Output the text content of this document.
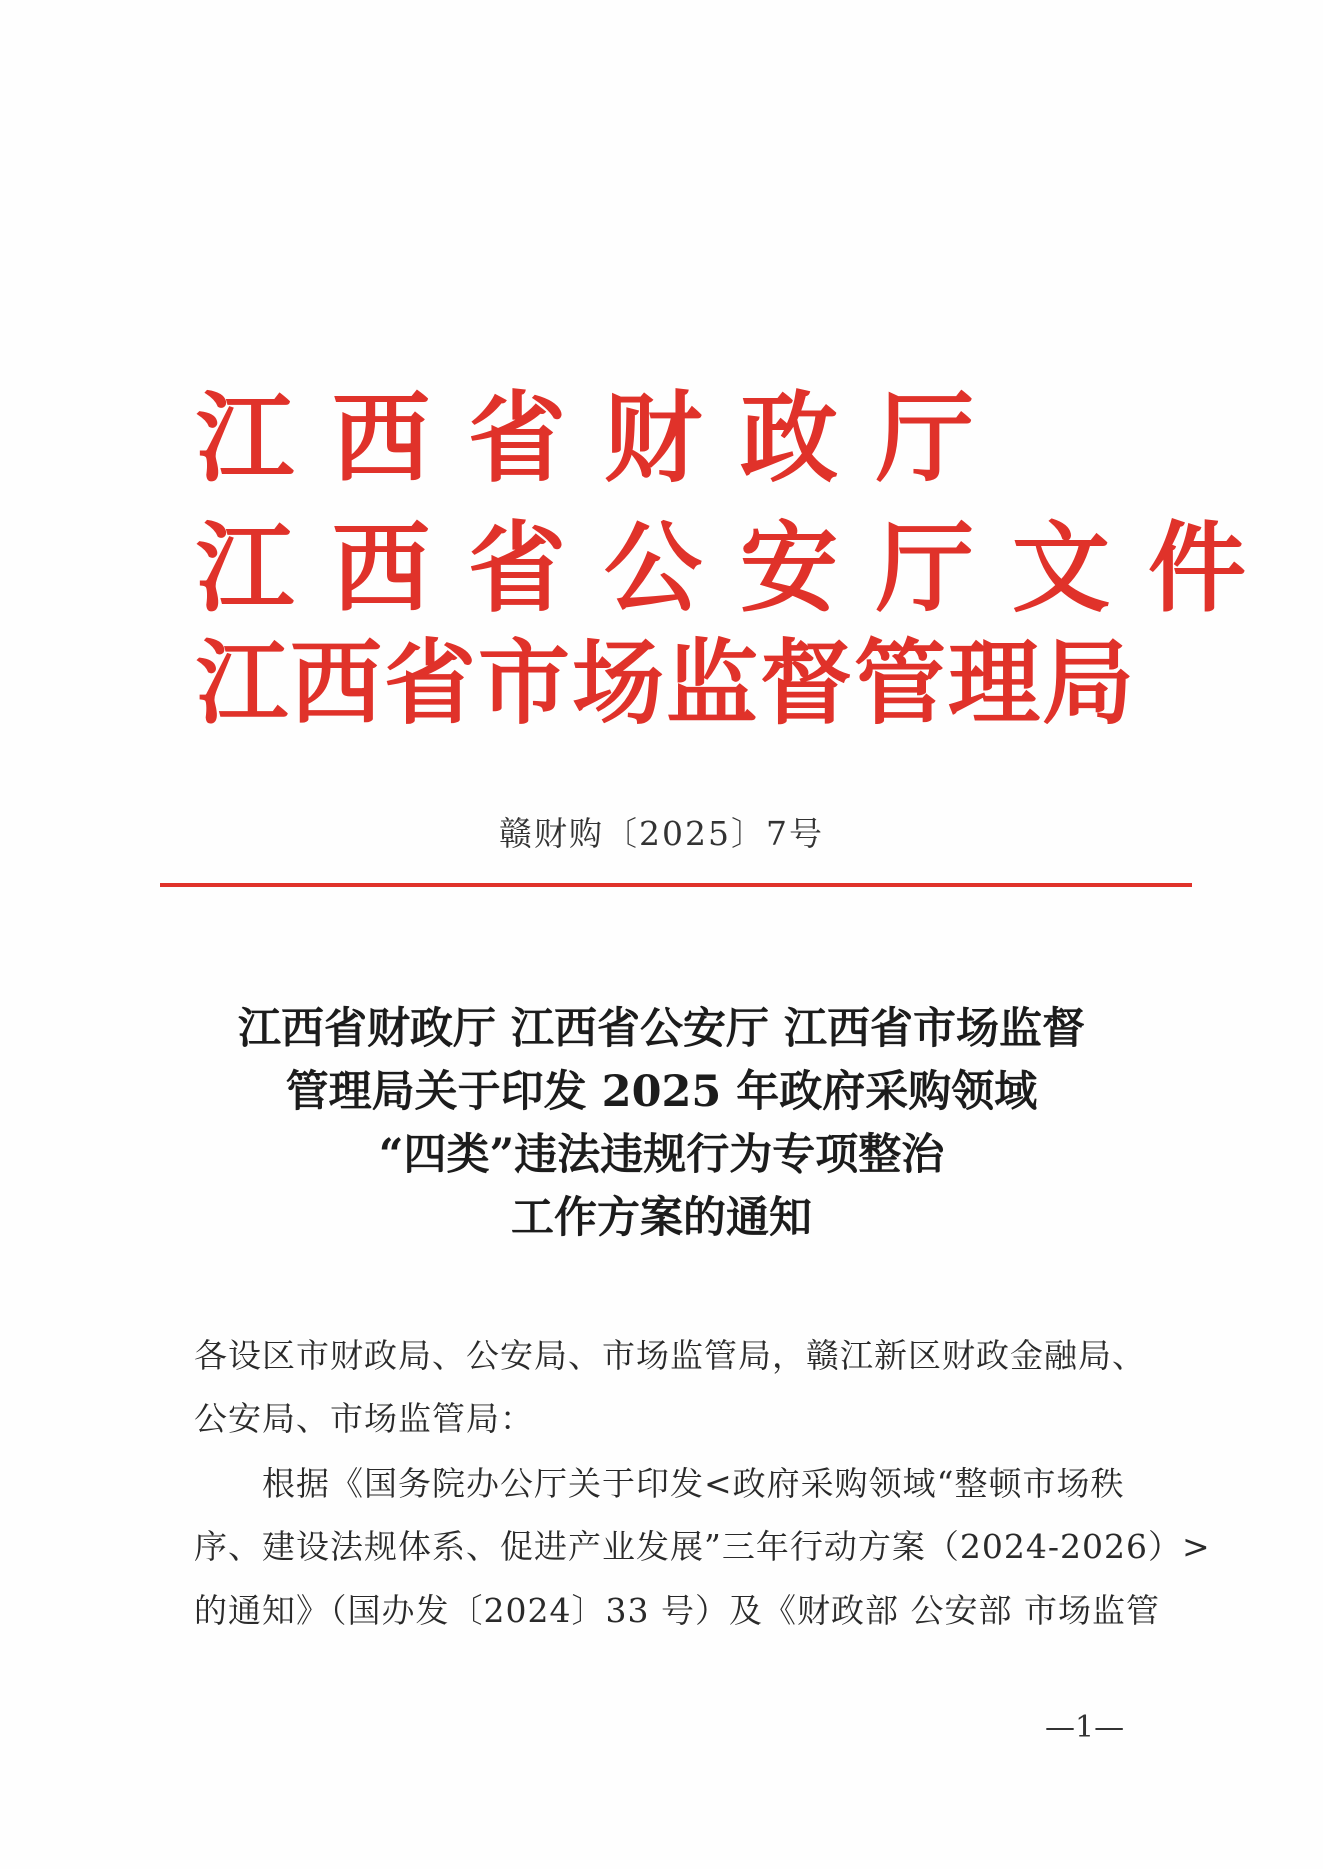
江西省财政厅
江西省公安厅文件
江西省市场监督管理局
赣财购〔2025〕7号
江西省财政厅 江西省公安厅 江西省市场监督
管理局关于印发 2025 年政府采购领域
“四类”违法违规行为专项整治
工作方案的通知
各设区市财政局、公安局、市场监管局，赣江新区财政金融局、
公安局、市场监管局：
根据《国务院办公厅关于印发<政府采购领域“整顿市场秩
序、建设法规体系、促进产业发展”三年行动方案（2024-2026）>
的通知》（国办发〔2024〕33 号）及《财政部 公安部 市场监管
—1—
